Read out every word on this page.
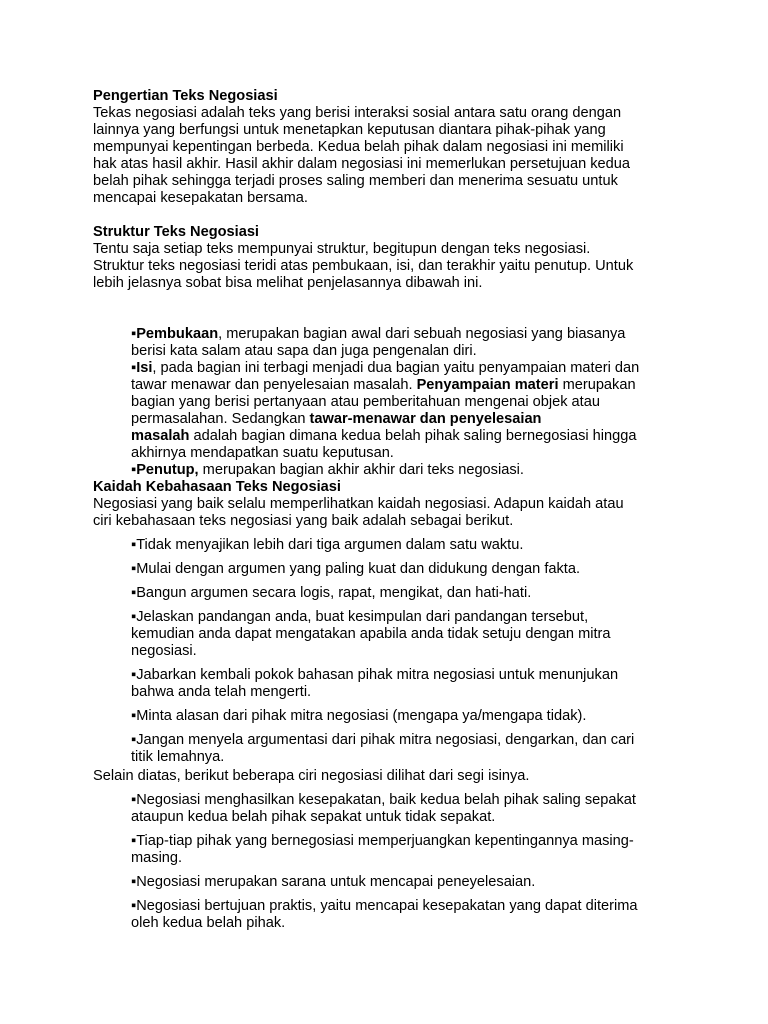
Pengertian Teks Negosiasi
Tekas negosiasi adalah teks yang berisi interaksi sosial antara satu orang dengan
lainnya yang berfungsi untuk menetapkan keputusan diantara pihak-pihak yang
mempunyai kepentingan berbeda. Kedua belah pihak dalam negosiasi ini memiliki
hak atas hasil akhir. Hasil akhir dalam negosiasi ini memerlukan persetujuan kedua
belah pihak sehingga terjadi proses saling memberi dan menerima sesuatu untuk
mencapai kesepakatan bersama.
Struktur Teks Negosiasi
Tentu saja setiap teks mempunyai struktur, begitupun dengan teks negosiasi.
Struktur teks negosiasi teridi atas pembukaan, isi, dan terakhir yaitu penutup. Untuk
lebih jelasnya sobat bisa melihat penjelasannya dibawah ini.
▪ Pembukaan, merupakan bagian awal dari sebuah negosiasi yang biasanya
berisi kata salam atau sapa dan juga pengenalan diri.
▪ Isi, pada bagian ini terbagi menjadi dua bagian yaitu penyampaian materi dan
tawar menawar dan penyelesaian masalah. Penyampaian materi merupakan
bagian yang berisi pertanyaan atau pemberitahuan mengenai objek atau
permasalahan. Sedangkan tawar-menawar dan penyelesaian
masalah adalah bagian dimana kedua belah pihak saling bernegosiasi hingga
akhirnya mendapatkan suatu keputusan.
▪ Penutup, merupakan bagian akhir akhir dari teks negosiasi.
Kaidah Kebahasaan Teks Negosiasi
Negosiasi yang baik selalu memperlihatkan kaidah negosiasi. Adapun kaidah atau
ciri kebahasaan teks negosiasi yang baik adalah sebagai berikut.
▪ Tidak menyajikan lebih dari tiga argumen dalam satu waktu.
▪ Mulai dengan argumen yang paling kuat dan didukung dengan fakta.
▪ Bangun argumen secara logis, rapat, mengikat, dan hati-hati.
▪ Jelaskan pandangan anda, buat kesimpulan dari pandangan tersebut,
kemudian anda dapat mengatakan apabila anda tidak setuju dengan mitra
negosiasi.
▪ Jabarkan kembali pokok bahasan pihak mitra negosiasi untuk menunjukan
bahwa anda telah mengerti.
▪ Minta alasan dari pihak mitra negosiasi (mengapa ya/mengapa tidak).
▪ Jangan menyela argumentasi dari pihak mitra negosiasi, dengarkan, dan cari
titik lemahnya.
Selain diatas, berikut beberapa ciri negosiasi dilihat dari segi isinya.
▪ Negosiasi menghasilkan kesepakatan, baik kedua belah pihak saling sepakat
ataupun kedua belah pihak sepakat untuk tidak sepakat.
▪ Tiap-tiap pihak yang bernegosiasi memperjuangkan kepentingannya masing-
masing.
▪ Negosiasi merupakan sarana untuk mencapai peneyelesaian.
▪ Negosiasi bertujuan praktis, yaitu mencapai kesepakatan yang dapat diterima
oleh kedua belah pihak.
